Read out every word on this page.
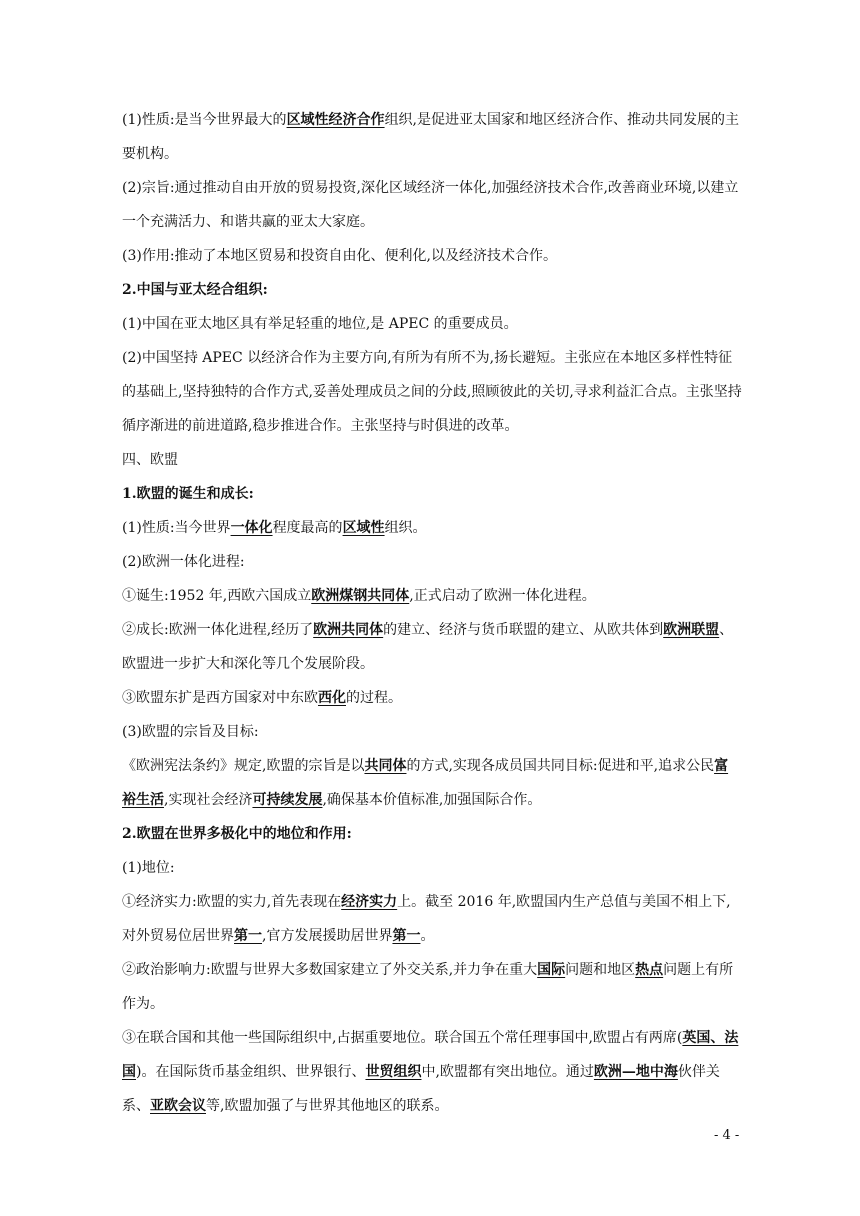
(1)性质:是当今世界最大的区域性经济合作组织,是促进亚太国家和地区经济合作、推动共同发展的主要机构。

(2)宗旨:通过推动自由开放的贸易投资,深化区域经济一体化,加强经济技术合作,改善商业环境,以建立一个充满活力、和谐共赢的亚太大家庭。

(3)作用:推动了本地区贸易和投资自由化、便利化,以及经济技术合作。

2.中国与亚太经合组织:

(1)中国在亚太地区具有举足轻重的地位,是 APEC 的重要成员。

(2)中国坚持 APEC 以经济合作为主要方向,有所为有所不为,扬长避短。主张应在本地区多样性特征的基础上,坚持独特的合作方式,妥善处理成员之间的分歧,照顾彼此的关切,寻求利益汇合点。主张坚持循序渐进的前进道路,稳步推进合作。主张坚持与时俱进的改革。

四、欧盟

1.欧盟的诞生和成长:

(1)性质:当今世界一体化程度最高的区域性组织。

(2)欧洲一体化进程:

①诞生:1952 年,西欧六国成立欧洲煤钢共同体,正式启动了欧洲一体化进程。

②成长:欧洲一体化进程,经历了欧洲共同体的建立、经济与货币联盟的建立、从欧共体到欧洲联盟、欧盟进一步扩大和深化等几个发展阶段。

③欧盟东扩是西方国家对中东欧西化的过程。

(3)欧盟的宗旨及目标:

《欧洲宪法条约》规定,欧盟的宗旨是以共同体的方式,实现各成员国共同目标:促进和平,追求公民富裕生活,实现社会经济可持续发展,确保基本价值标准,加强国际合作。

2.欧盟在世界多极化中的地位和作用:

(1)地位:

①经济实力:欧盟的实力,首先表现在经济实力上。截至 2016 年,欧盟国内生产总值与美国不相上下,对外贸易位居世界第一,官方发展援助居世界第一。

②政治影响力:欧盟与世界大多数国家建立了外交关系,并力争在重大国际问题和地区热点问题上有所作为。

③在联合国和其他一些国际组织中,占据重要地位。联合国五个常任理事国中,欧盟占有两席(英国、法国)。在国际货币基金组织、世界银行、世贸组织中,欧盟都有突出地位。通过欧洲—地中海伙伴关系、亚欧会议等,欧盟加强了与世界其他地区的联系。

- 4 -
